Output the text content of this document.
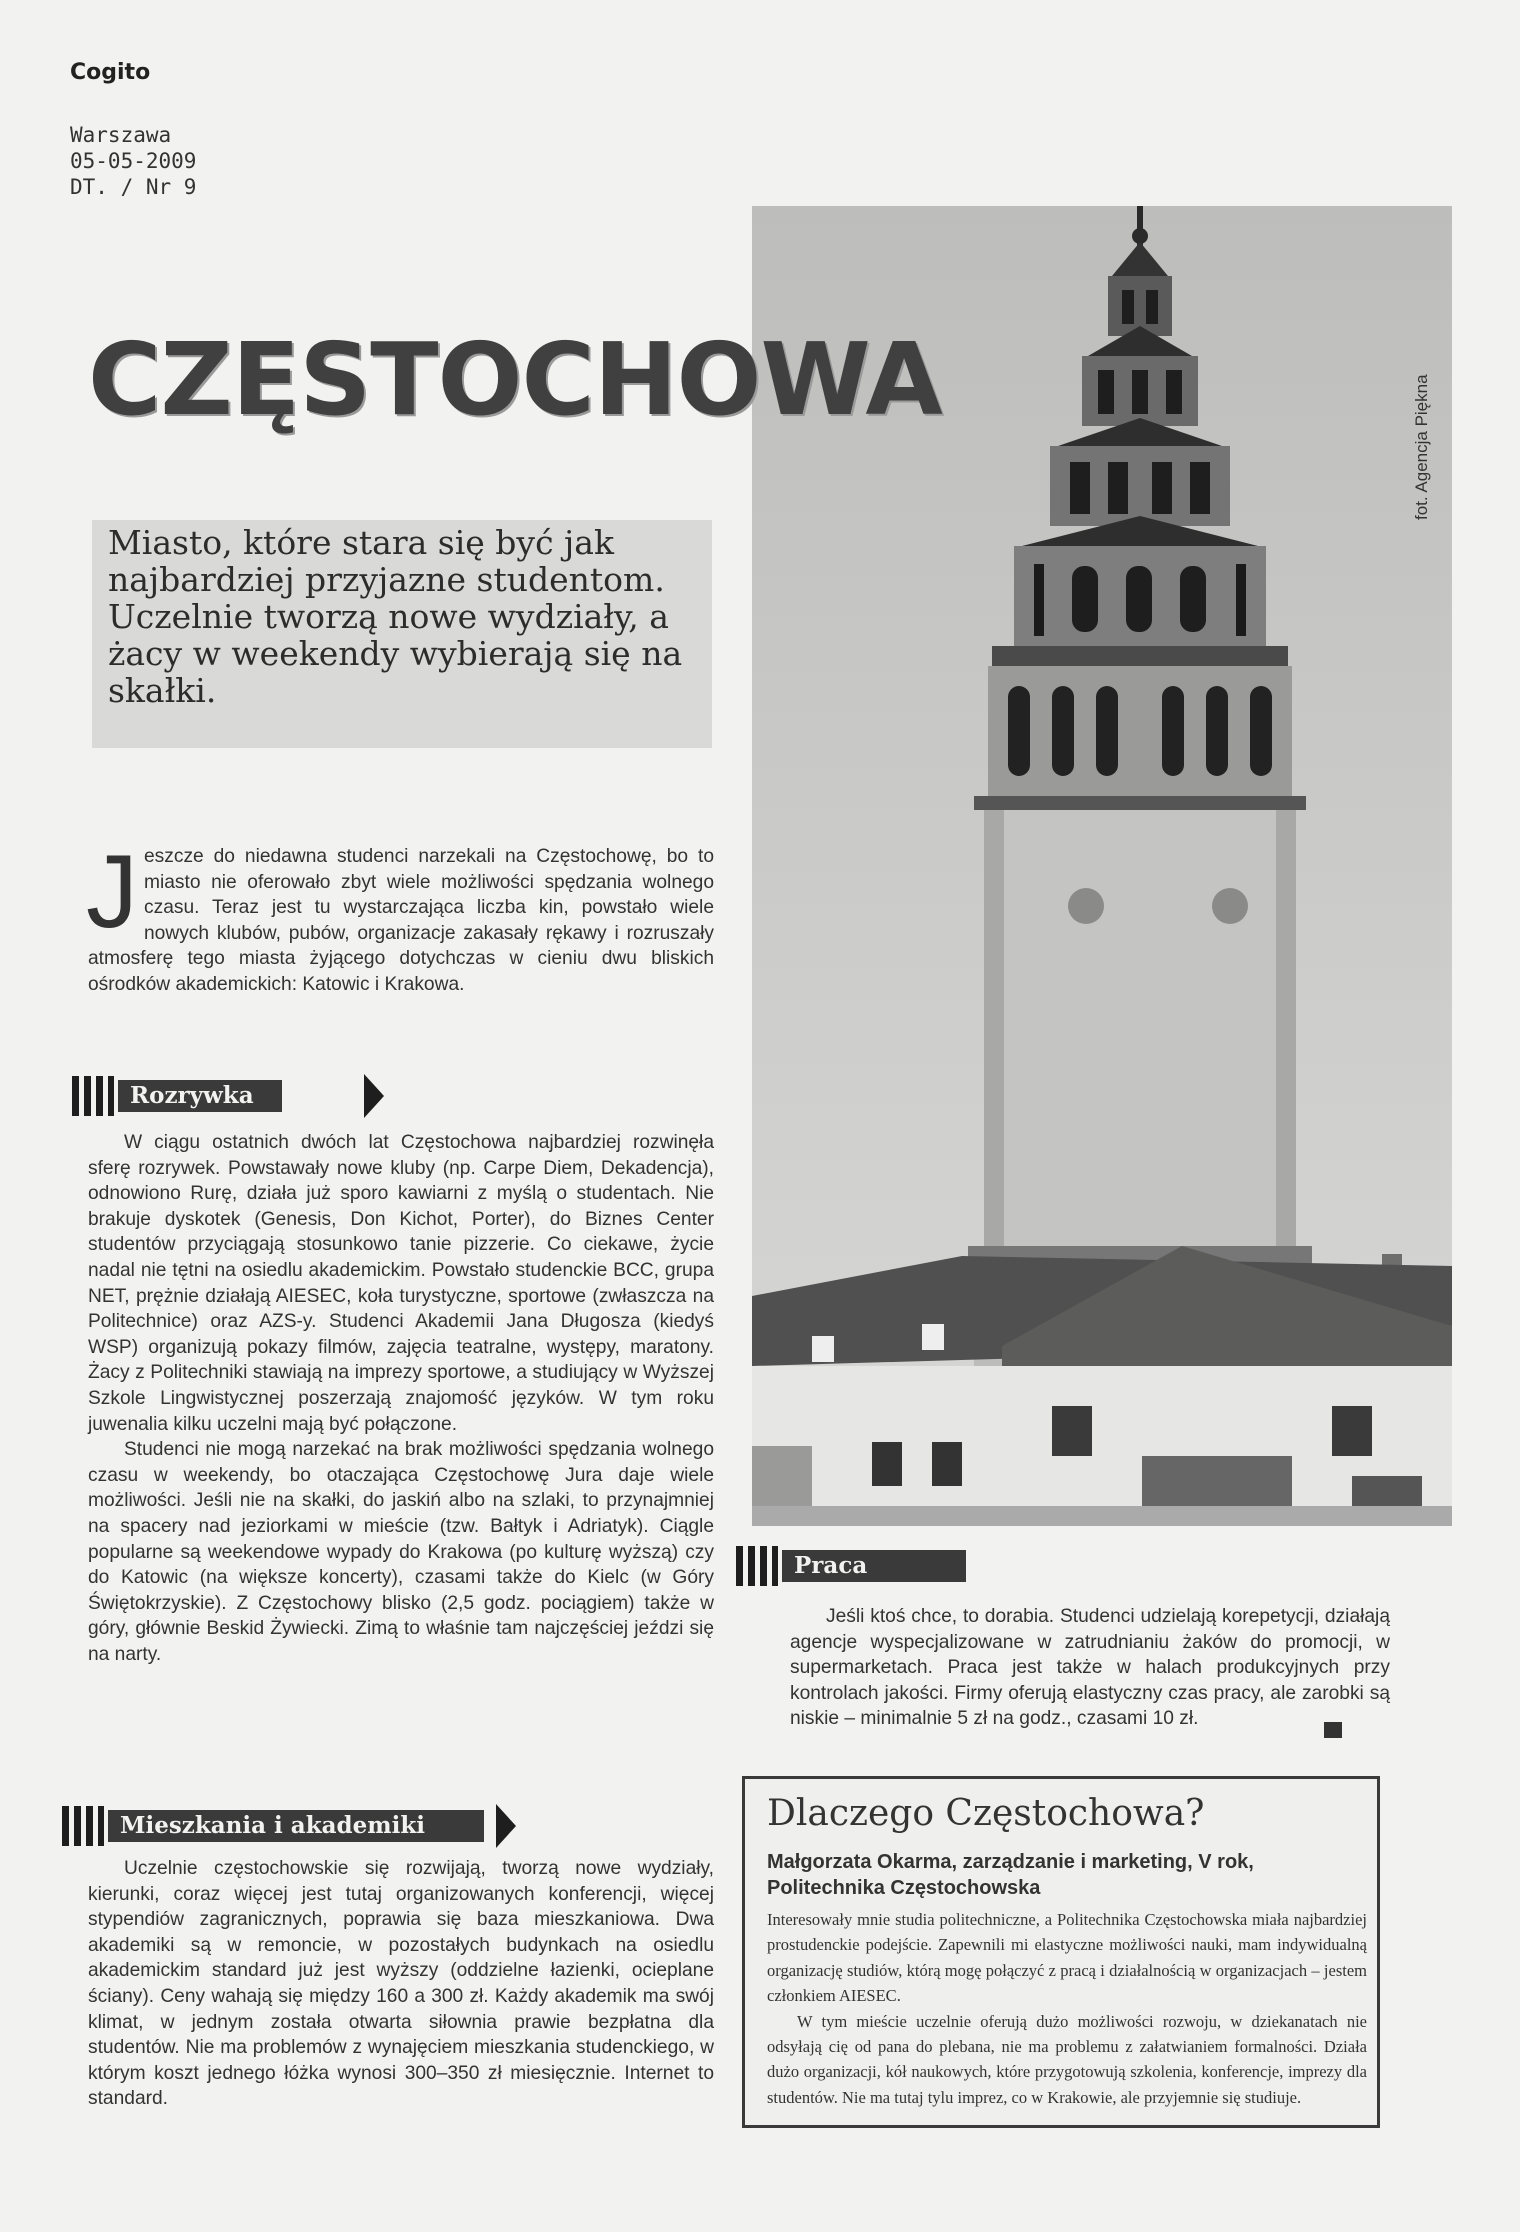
Cogito
Warszawa
05-05-2009
DT. / Nr 9
fot. Agencja Piękna
CZĘSTOCHOWA

Miasto, które stara się być jak najbardziej przyjazne studentom. Uczelnie tworzą nowe wydziały, a żacy w weekendy wybierają się na skałki.

Jeszcze do niedawna studenci narzekali na Częstochowę, bo to miasto nie oferowało zbyt wiele możliwości spędzania wolnego czasu. Teraz jest tu wystarczająca liczba kin, powstało wiele nowych klubów, pubów, organizacje zakasały rękawy i rozruszały atmosferę tego miasta żyjącego dotychczas w cieniu dwu bliskich ośrodków akademickich: Katowic i Krakowa.
Rozrywka

W ciągu ostatnich dwóch lat Częstochowa najbardziej rozwinęła sferę rozrywek. Powstawały nowe kluby (np. Carpe Diem, Dekadencja), odnowiono Rurę, działa już sporo kawiarni z myślą o studentach. Nie brakuje dyskotek (Genesis, Don Kichot, Porter), do Biznes Center studentów przyciągają stosunkowo tanie pizzerie. Co ciekawe, życie nadal nie tętni na osiedlu akademickim. Powstało studenckie BCC, grupa NET, prężnie działają AIESEC, koła turystyczne, sportowe (zwłaszcza na Politechnice) oraz AZS-y. Studenci Akademii Jana Długosza (kiedyś WSP) organizują pokazy filmów, zajęcia teatralne, występy, maratony. Żacy z Politechniki stawiają na imprezy sportowe, a studiujący w Wyższej Szkole Lingwistycznej poszerzają znajomość języków. W tym roku juwenalia kilku uczelni mają być połączone.

Studenci nie mogą narzekać na brak możliwości spędzania wolnego czasu w weekendy, bo otaczająca Częstochowę Jura daje wiele możliwości. Jeśli nie na skałki, do jaskiń albo na szlaki, to przynajmniej na spacery nad jeziorkami w mieście (tzw. Bałtyk i Adriatyk). Ciągle popularne są weekendowe wypady do Krakowa (po kulturę wyższą) czy do Katowic (na większe koncerty), czasami także do Kielc (w Góry Świętokrzyskie). Z Częstochowy blisko (2,5 godz. pociągiem) także w góry, głównie Beskid Żywiecki. Zimą to właśnie tam najczęściej jeździ się na narty.

Mieszkania i akademiki

Uczelnie częstochowskie się rozwijają, tworzą nowe wydziały, kierunki, coraz więcej jest tutaj organizowanych konferencji, więcej stypendiów zagranicznych, poprawia się baza mieszkaniowa. Dwa akademiki są w remoncie, w pozostałych budynkach na osiedlu akademickim standard już jest wyższy (oddzielne łazienki, ocieplane ściany). Ceny wahają się między 160 a 300 zł. Każdy akademik ma swój klimat, w jednym została otwarta siłownia prawie bezpłatna dla studentów. Nie ma problemów z wynajęciem mieszkania studenckiego, w którym koszt jednego łóżka wynosi 300–350 zł miesięcznie. Internet to standard.

Praca

Jeśli ktoś chce, to dorabia. Studenci udzielają korepetycji, działają agencje wyspecjalizowane w zatrudnianiu żaków do promocji, w supermarketach. Praca jest także w halach produkcyjnych przy kontrolach jakości. Firmy oferują elastyczny czas pracy, ale zarobki są niskie – minimalnie 5 zł na godz., czasami 10 zł.

Dlaczego Częstochowa?
Małgorzata Okarma, zarządzanie i marketing, V rok, Politechnika Częstochowska

Interesowały mnie studia politechniczne, a Politechnika Częstochowska miała najbardziej prostudenckie podejście. Zapewnili mi elastyczne możliwości nauki, mam indywidualną organizację studiów, którą mogę połączyć z pracą i działalnością w organizacjach – jestem członkiem AIESEC.

W tym mieście uczelnie oferują dużo możliwości rozwoju, w dziekanatach nie odsyłają cię od pana do plebana, nie ma problemu z załatwianiem formalności. Działa dużo organizacji, kół naukowych, które przygotowują szkolenia, konferencje, imprezy dla studentów. Nie ma tutaj tylu imprez, co w Krakowie, ale przyjemnie się studiuje.
